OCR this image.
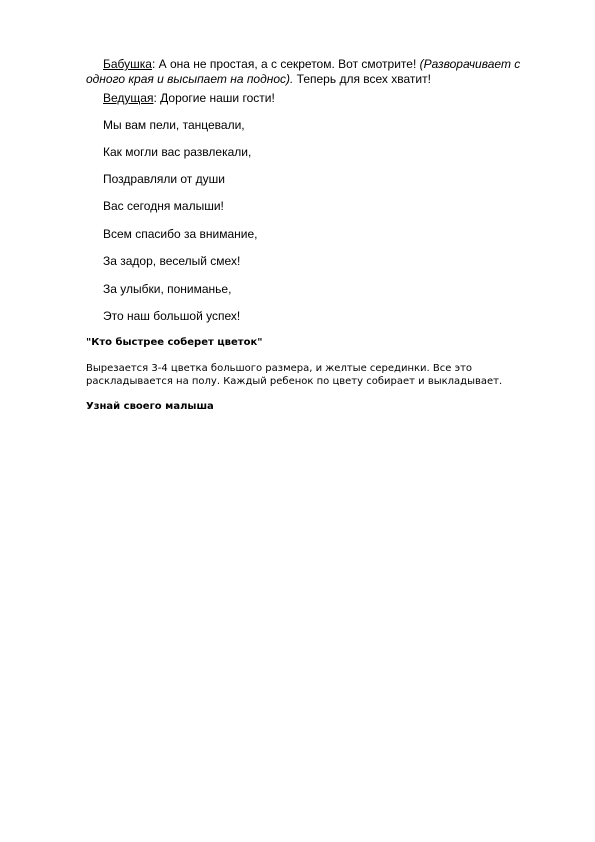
Бабушка: А она не простая, а с секретом. Вот смотрите! (Разворачивает с одного края и высыпает на поднос). Теперь для всех хватит!
Ведущая: Дорогие наши гости!
Мы вам пели, танцевали,
Как могли вас развлекали,
Поздравляли от души
Вас сегодня малыши!
Всем спасибо за внимание,
За задор, веселый смех!
За улыбки, пониманье,
Это наш большой успех!
"Кто быстрее соберет цветок"
Вырезается 3-4 цветка большого размера, и желтые серединки. Все это раскладывается на полу. Каждый ребенок по цвету собирает и выкладывает.
Узнай своего малыша
